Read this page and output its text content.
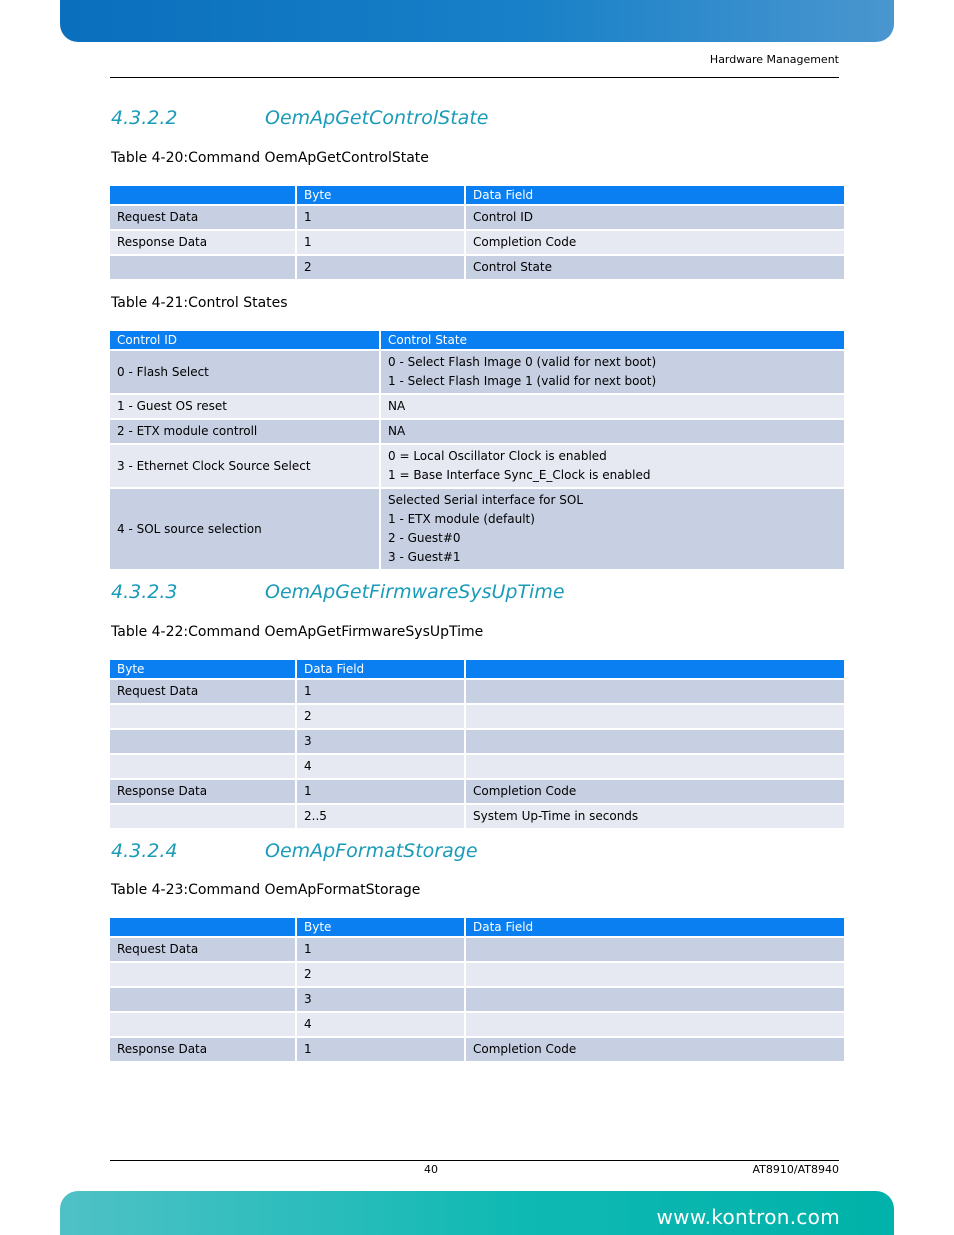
Hardware Management
4.3.2.2	OemApGetControlState

Table 4-20:Command OemApGetControlState

	Byte	Data Field
Request Data	1	Control ID
Response Data	1	Completion Code
	2	Control State

Table 4-21:Control States

Control ID	Control State
0 - Flash Select	0 - Select Flash Image 0 (valid for next boot)
1 - Select Flash Image 1 (valid for next boot)

1 - Guest OS reset	NA

2 - ETX module controll	NA

3 - Ethernet Clock Source Select	0 = Local Oscillator Clock is enabled
1 = Base Interface Sync_E_Clock is enabled

4 - SOL source selection	Selected Serial interface for SOL
1 - ETX module (default)
2 - Guest#0
3 - Guest#1
4.3.2.3	OemApGetFirmwareSysUpTime

Table 4-22:Command OemApGetFirmwareSysUpTime

Byte	Data Field	
Request Data	1	
	2	
	3	
	4	
Response Data	1	Completion Code
	2..5	System Up-Time in seconds
4.3.2.4	OemApFormatStorage

Table 4-23:Command OemApFormatStorage

	Byte	Data Field
Request Data	1	
	2	
	3	
	4	
Response Data	1	Completion Code
40	AT8910/AT8940
www.kontron.com
